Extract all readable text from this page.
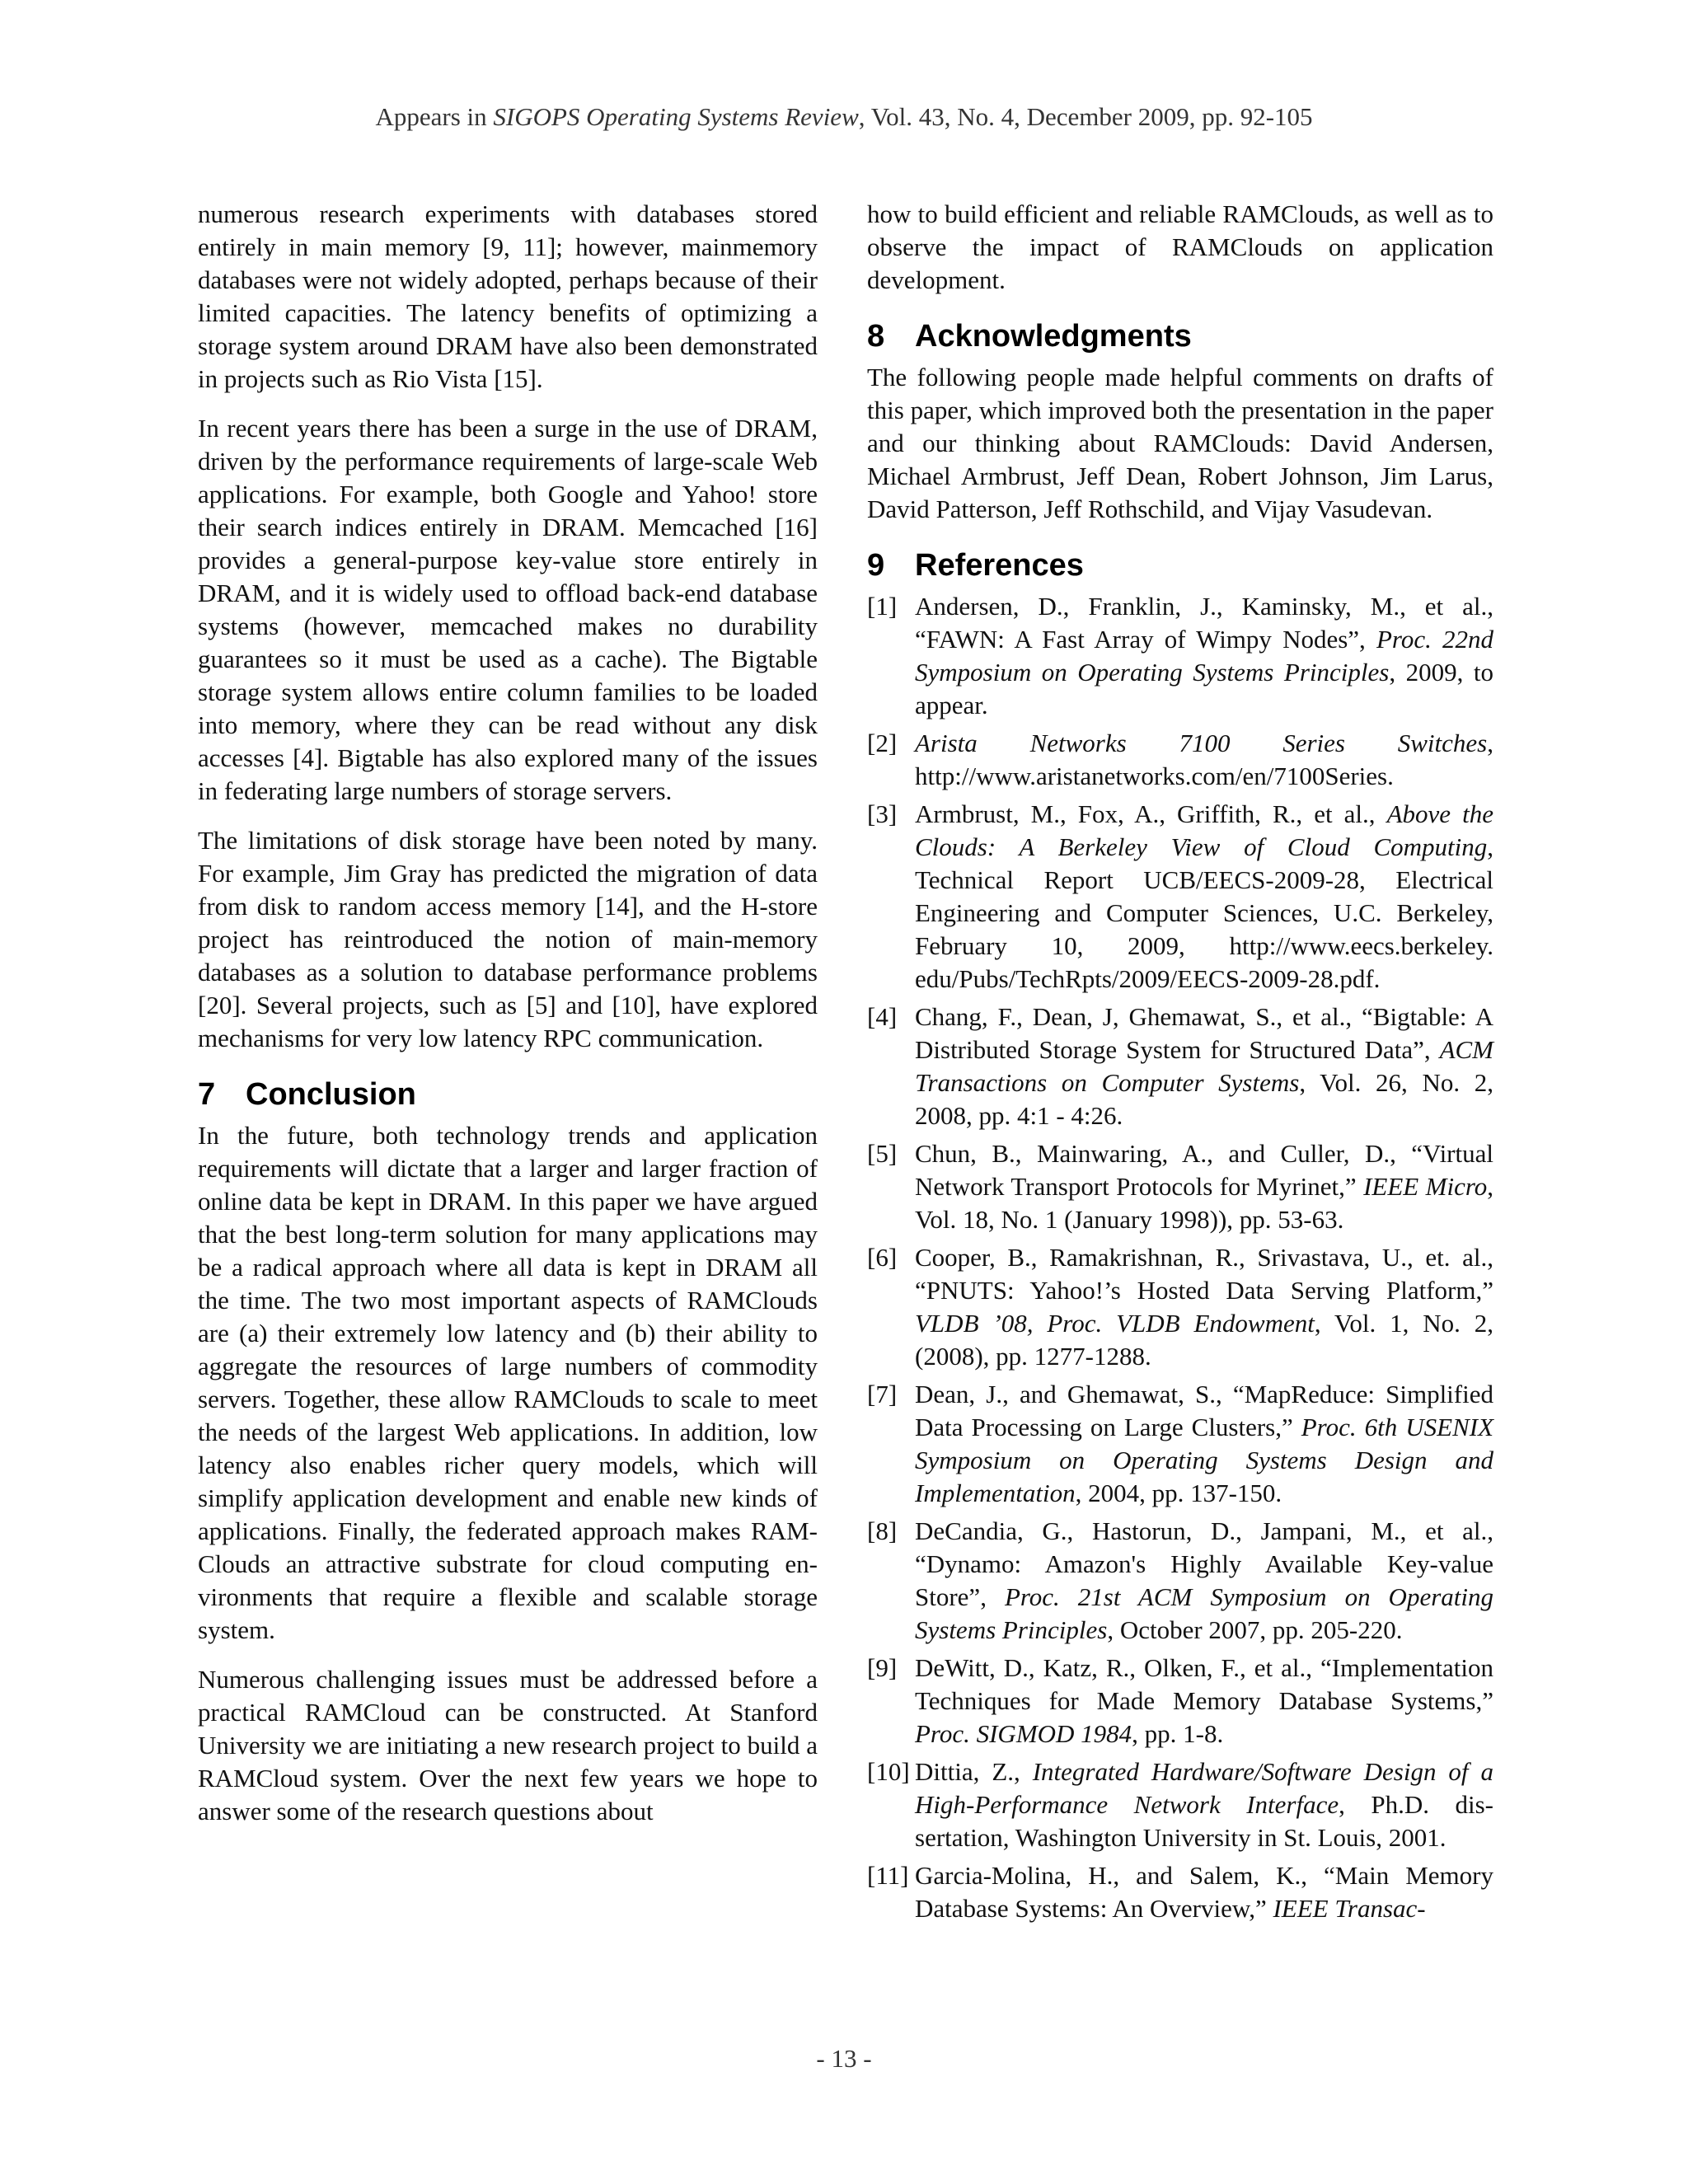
Appears in SIGOPS Operating Systems Review, Vol. 43, No. 4, December 2009, pp. 92-105

numerous research experiments with databases stored entirely in main memory [9, 11]; however, mainmemory databases were not widely adopted, perhaps because of their limited capacities. The latency benefits of optimizing a storage system around DRAM have also been demonstrated in projects such as Rio Vista [15].

In recent years there has been a surge in the use of DRAM, driven by the performance requirements of large-scale Web applications. For example, both Google and Yahoo! store their search indices entirely in DRAM. Memcached [16] provides a general-purpose key-value store entirely in DRAM, and it is widely used to offload back-end database systems (however, memcached makes no durability guarantees so it must be used as a cache). The Bigtable storage system allows entire column families to be loaded into memory, where they can be read without any disk accesses [4]. Bigtable has also explored many of the issues in federating large numbers of storage servers.

The limitations of disk storage have been noted by many. For example, Jim Gray has predicted the migration of data from disk to random access memory [14], and the H-store project has reintroduced the notion of main-memory databases as a solution to database performance problems [20]. Several projects, such as [5] and [10], have explored mechanisms for very low latency RPC communication.

7 Conclusion

In the future, both technology trends and application requirements will dictate that a larger and larger fraction of online data be kept in DRAM. In this paper we have argued that the best long-term solution for many applications may be a radical approach where all data is kept in DRAM all the time. The two most important aspects of RAMClouds are (a) their extremely low latency and (b) their ability to aggregate the resources of large numbers of commodity servers. Together, these allow RAMClouds to scale to meet the needs of the largest Web applications. In addition, low latency also enables richer query models, which will simplify application development and enable new kinds of applications. Finally, the federated approach makes RAMClouds an attractive substrate for cloud computing environments that require a flexible and scalable storage system.

Numerous challenging issues must be addressed before a practical RAMCloud can be constructed. At Stanford University we are initiating a new research project to build a RAMCloud system. Over the next few years we hope to answer some of the research questions about

how to build efficient and reliable RAMClouds, as well as to observe the impact of RAMClouds on application development.

8 Acknowledgments

The following people made helpful comments on drafts of this paper, which improved both the presentation in the paper and our thinking about RAMClouds: David Andersen, Michael Armbrust, Jeff Dean, Robert Johnson, Jim Larus, David Patterson, Jeff Rothschild, and Vijay Vasudevan.

9 References
[1] Andersen, D., Franklin, J., Kaminsky, M., et al., “FAWN: A Fast Array of Wimpy Nodes”, Proc. 22nd Symposium on Operating Systems Principles, 2009, to appear.
[2] Arista Networks 7100 Series Switches, http://www.aristanetworks.com/en/7100Series.
[3] Armbrust, M., Fox, A., Griffith, R., et al., Above the Clouds: A Berkeley View of Cloud Computing, Technical Report UCB/EECS-2009-28, Electrical Engineering and Computer Sciences, U.C. Berkeley, February 10, 2009, http://www.eecs.berkeley.​edu/Pubs/TechRpts/2009/EECS-2009-28.pdf.
[4] Chang, F., Dean, J, Ghemawat, S., et al., “Bigtable: A Distributed Storage System for Structured Data”, ACM Transactions on Computer Systems, Vol. 26, No. 2, 2008, pp. 4:1 - 4:26.
[5] Chun, B., Mainwaring, A., and Culler, D., “Virtual Network Transport Protocols for Myrinet,” IEEE Micro, Vol. 18, No. 1 (January 1998)), pp. 53-63.
[6] Cooper, B., Ramakrishnan, R., Srivastava, U., et. al., “PNUTS: Yahoo!’s Hosted Data Serving Platform,” VLDB ’08, Proc. VLDB Endowment, Vol. 1, No. 2, (2008), pp. 1277-1288.
[7] Dean, J., and Ghemawat, S., “MapReduce: Simplified Data Processing on Large Clusters,” Proc. 6th USENIX Symposium on Operating Systems Design and Implementation, 2004, pp. 137-150.
[8] DeCandia, G., Hastorun, D., Jampani, M., et al., “Dynamo: Amazon's Highly Available Key-value Store”, Proc. 21st ACM Symposium on Operating Systems Principles, October 2007, pp. 205-220.
[9] DeWitt, D., Katz, R., Olken, F., et al., “Implementation Techniques for Made Memory Database Systems,” Proc. SIGMOD 1984, pp. 1-8.
[10] Dittia, Z., Integrated Hardware/Software Design of a High-Performance Network Interface, Ph.D. dissertation, Washington University in St. Louis, 2001.
[11] Garcia-Molina, H., and Salem, K., “Main Memory Database Systems: An Overview,” IEEE Transac-
- 13 -
